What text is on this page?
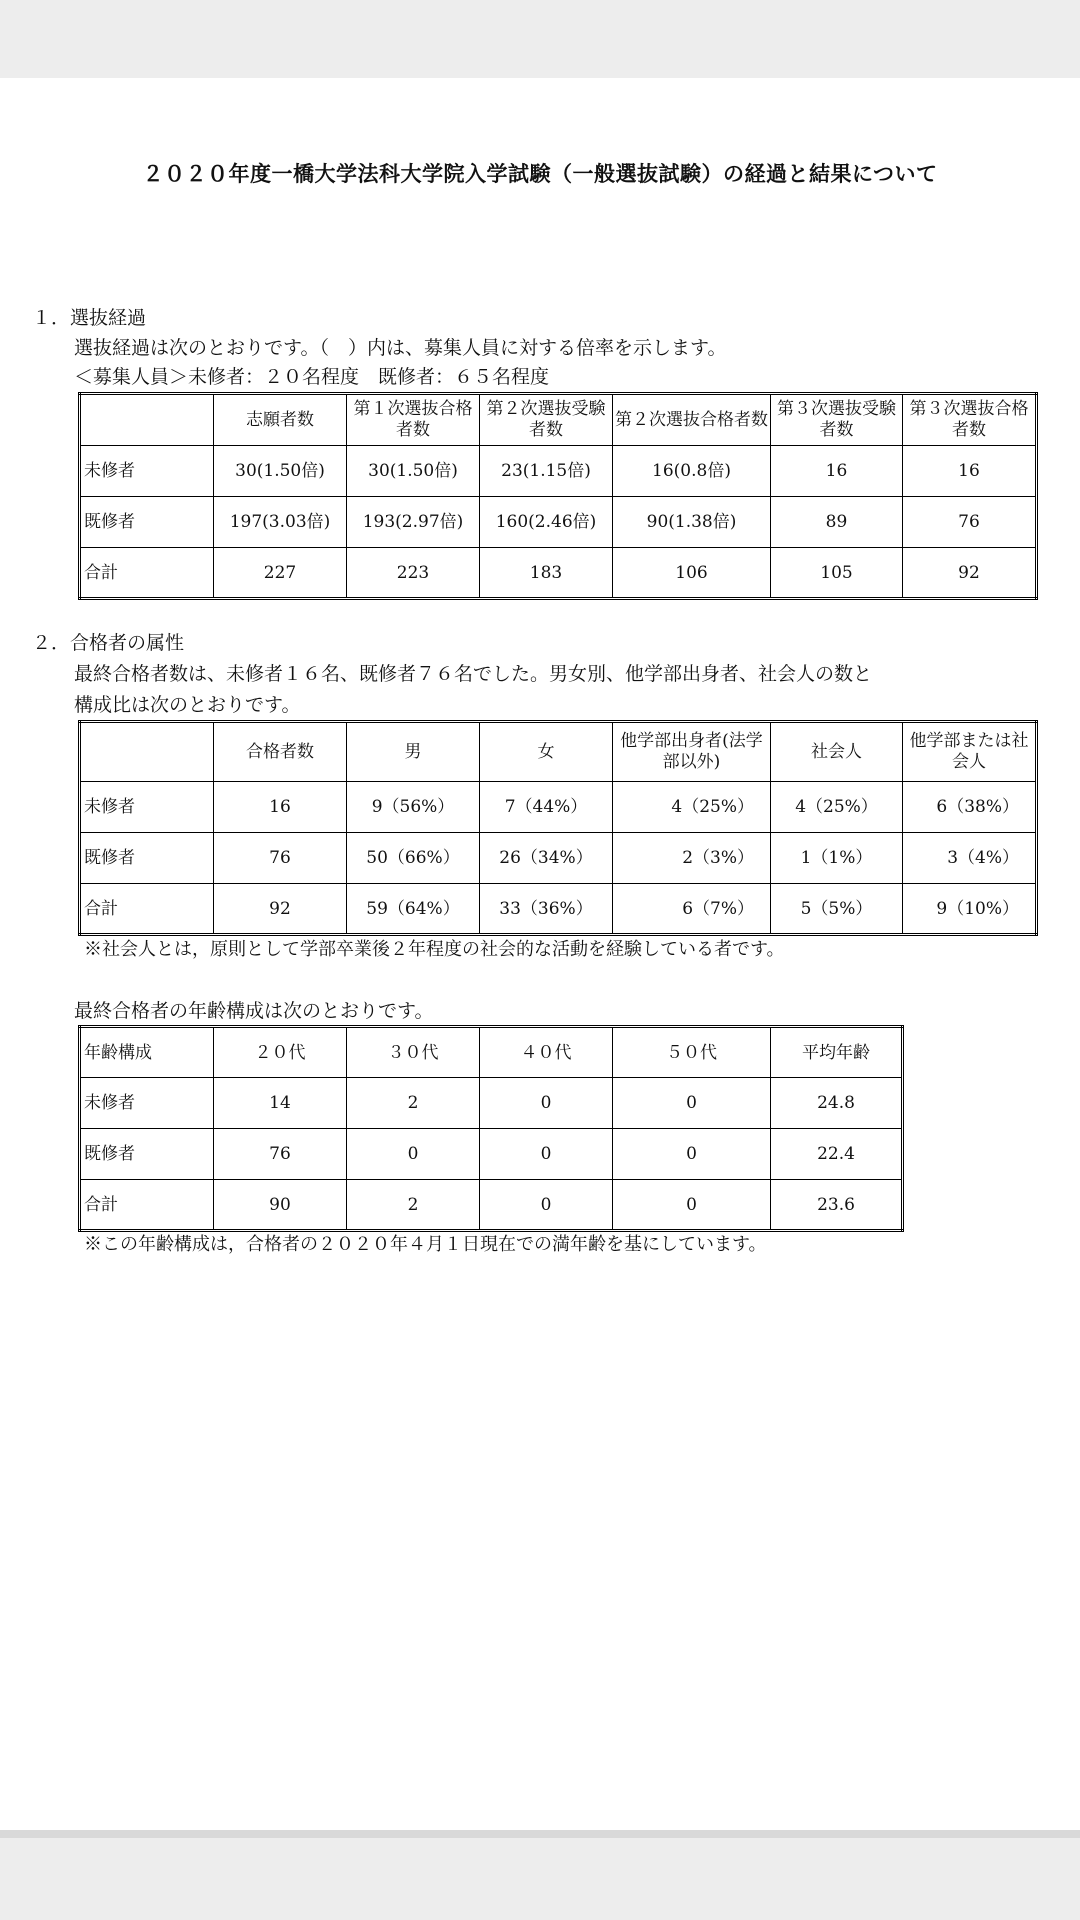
２０２０年度一橋大学法科大学院入学試験（一般選抜試験）の経過と結果について
１．選抜経過
選抜経過は次のとおりです。（　）内は、募集人員に対する倍率を示します。
＜募集人員＞未修者：２０名程度　既修者：６５名程度
	志願者数	第１次選抜合格者数	第２次選抜受験者数	第２次選抜合格者数	第３次選抜受験者数	第３次選抜合格者数
未修者	30(1.50倍)	30(1.50倍)	23(1.15倍)	16(0.8倍)	16	16
既修者	197(3.03倍)	193(2.97倍)	160(2.46倍)	90(1.38倍)	89	76
合計	227	223	183	106	105	92
２．合格者の属性
最終合格者数は、未修者１６名、既修者７６名でした。男女別、他学部出身者、社会人の数と
構成比は次のとおりです。
	合格者数	男	女	他学部出身者(法学部以外)	社会人	他学部または社会人
未修者	16	9（56%）	7（44%）	4（25%）	4（25%）	6（38%）
既修者	76	50（66%）	26（34%）	2（3%）	1（1%）	3（4%）
合計	92	59（64%）	33（36%）	6（7%）	5（5%）	9（10%）
※社会人とは，原則として学部卒業後２年程度の社会的な活動を経験している者です。
最終合格者の年齢構成は次のとおりです。
年齢構成	２０代	３０代	４０代	５０代	平均年齢
未修者	14	2	0	0	24.8
既修者	76	0	0	0	22.4
合計	90	2	0	0	23.6
※この年齢構成は，合格者の２０２０年４月１日現在での満年齢を基にしています。
